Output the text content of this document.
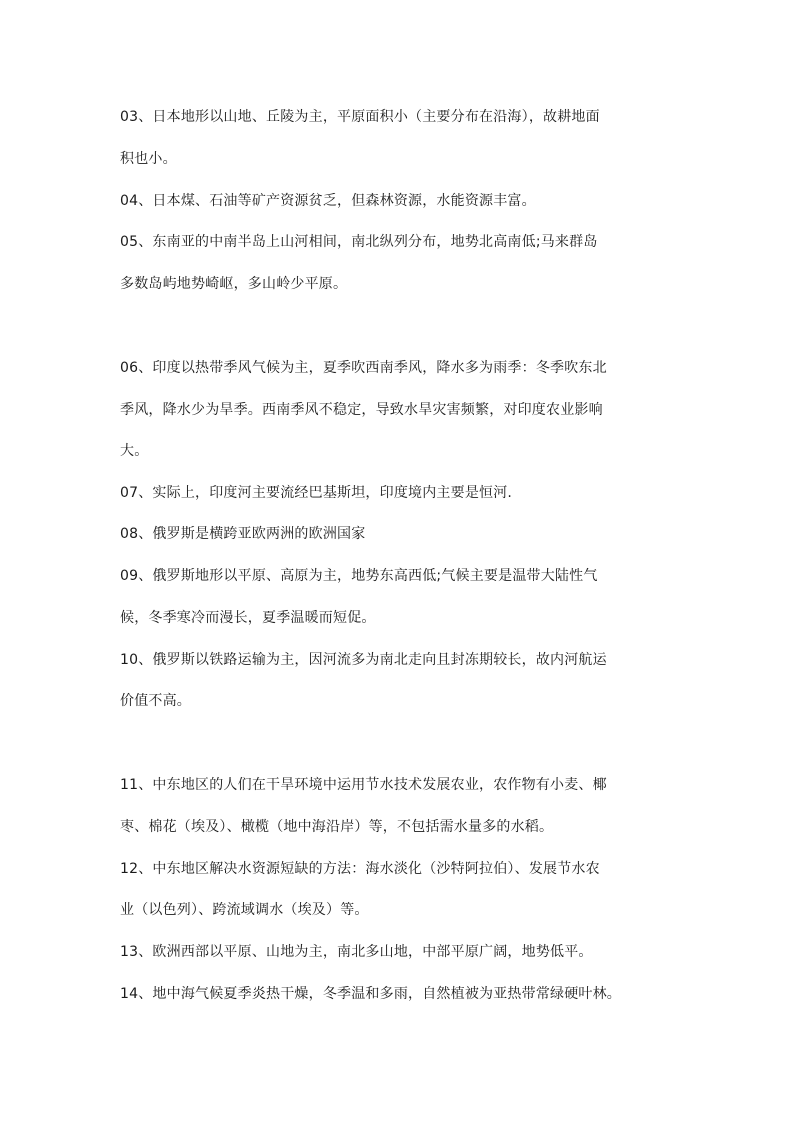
03、日本地形以山地、丘陵为主，平原面积小（主要分布在沿海），故耕地面
积也小。
04、日本煤、石油等矿产资源贫乏，但森林资源，水能资源丰富。
05、东南亚的中南半岛上山河相间，南北纵列分布，地势北高南低;马来群岛
多数岛屿地势崎岖，多山岭少平原。
06、印度以热带季风气候为主，夏季吹西南季风，降水多为雨季：冬季吹东北
季风，降水少为旱季。西南季风不稳定，导致水旱灾害频繁，对印度农业影响
大。
07、实际上，印度河主要流经巴基斯坦，印度境内主要是恒河.
08、俄罗斯是横跨亚欧两洲的欧洲国家
09、俄罗斯地形以平原、高原为主，地势东高西低;气候主要是温带大陆性气
候，冬季寒冷而漫长，夏季温暖而短促。
10、俄罗斯以铁路运输为主，因河流多为南北走向且封冻期较长，故内河航运
价值不高。
11、中东地区的人们在干旱环境中运用节水技术发展农业，农作物有小麦、椰
枣、棉花（埃及）、橄榄（地中海沿岸）等，不包括需水量多的水稻。
12、中东地区解决水资源短缺的方法：海水淡化（沙特阿拉伯）、发展节水农
业（以色列）、跨流域调水（埃及）等。
13、欧洲西部以平原、山地为主，南北多山地，中部平原广阔，地势低平。
14、地中海气候夏季炎热干燥，冬季温和多雨，自然植被为亚热带常绿硬叶林。
